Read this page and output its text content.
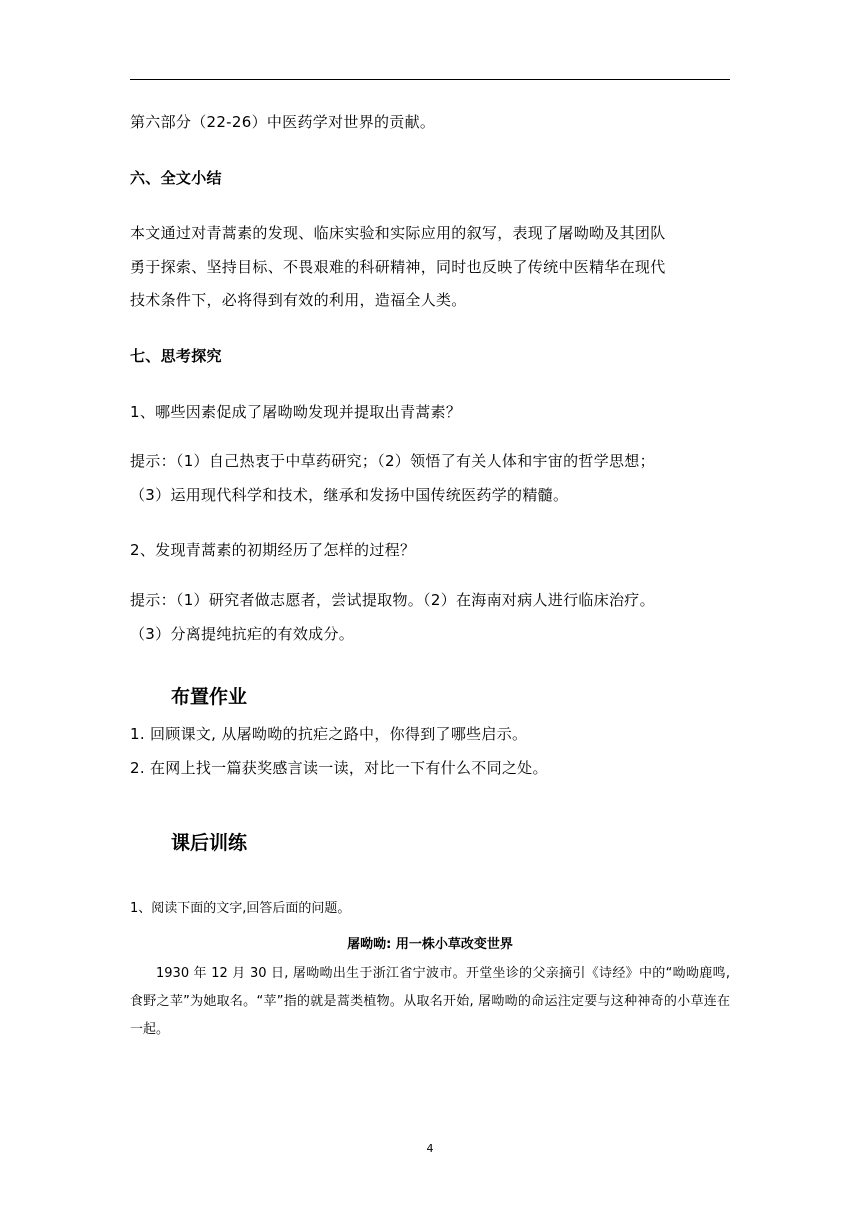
第六部分（22-26）中医药学对世界的贡献。
六、全文小结
本文通过对青蒿素的发现、临床实验和实际应用的叙写，表现了屠呦呦及其团队
勇于探索、坚持目标、不畏艰难的科研精神，同时也反映了传统中医精华在现代
技术条件下，必将得到有效的利用，造福全人类。
七、思考探究
1、哪些因素促成了屠呦呦发现并提取出青蒿素？
提示：（1）自己热衷于中草药研究；（2）领悟了有关人体和宇宙的哲学思想；
（3）运用现代科学和技术，继承和发扬中国传统医药学的精髓。
2、发现青蒿素的初期经历了怎样的过程？
提示：（1）研究者做志愿者，尝试提取物。（2）在海南对病人进行临床治疗。
（3）分离提纯抗疟的有效成分。
布置作业
1. 回顾课文, 从屠呦呦的抗疟之路中，你得到了哪些启示。
2. 在网上找一篇获奖感言读一读，对比一下有什么不同之处。
课后训练
1、阅读下面的文字,回答后面的问题。
屠呦呦: 用一株小草改变世界
1930 年 12 月 30 日, 屠呦呦出生于浙江省宁波市。开堂坐诊的父亲摘引《诗经》中的“呦呦鹿鸣, 食野之苹”为她取名。“苹”指的就是蒿类植物。从取名开始, 屠呦呦的命运注定要与这种神奇的小草连在一起。
4
